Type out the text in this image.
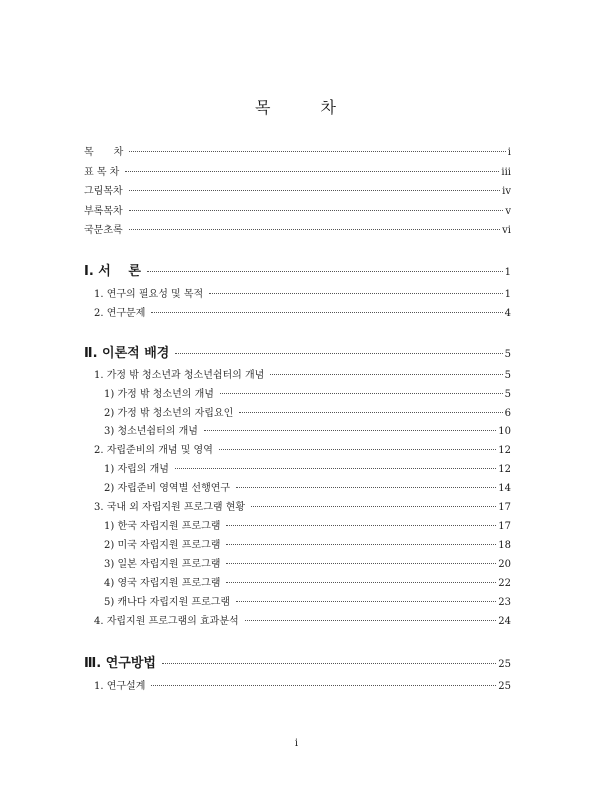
목	차
목　　차	i
표 목 차	iii
그림목차	iv
부록목차	v
국문초록	vi
Ⅰ. 서　 론	1
1. 연구의 필요성 및 목적	1
2. 연구문제	4
Ⅱ. 이론적 배경	5
1. 가정 밖 청소년과 청소년쉼터의 개념	5
1) 가정 밖 청소년의 개념	5
2) 가정 밖 청소년의 자립요인	6
3) 청소년쉼터의 개념	10
2. 자립준비의 개념 및 영역	12
1) 자립의 개념	12
2) 자립준비 영역별 선행연구	14
3. 국내 외 자립지원 프로그램 현황	17
1) 한국 자립지원 프로그램	17
2) 미국 자립지원 프로그램	18
3) 일본 자립지원 프로그램	20
4) 영국 자립지원 프로그램	22
5) 캐나다 자립지원 프로그램	23
4. 자립지원 프로그램의 효과분석	24
Ⅲ. 연구방법	25
1. 연구설계	25
i
